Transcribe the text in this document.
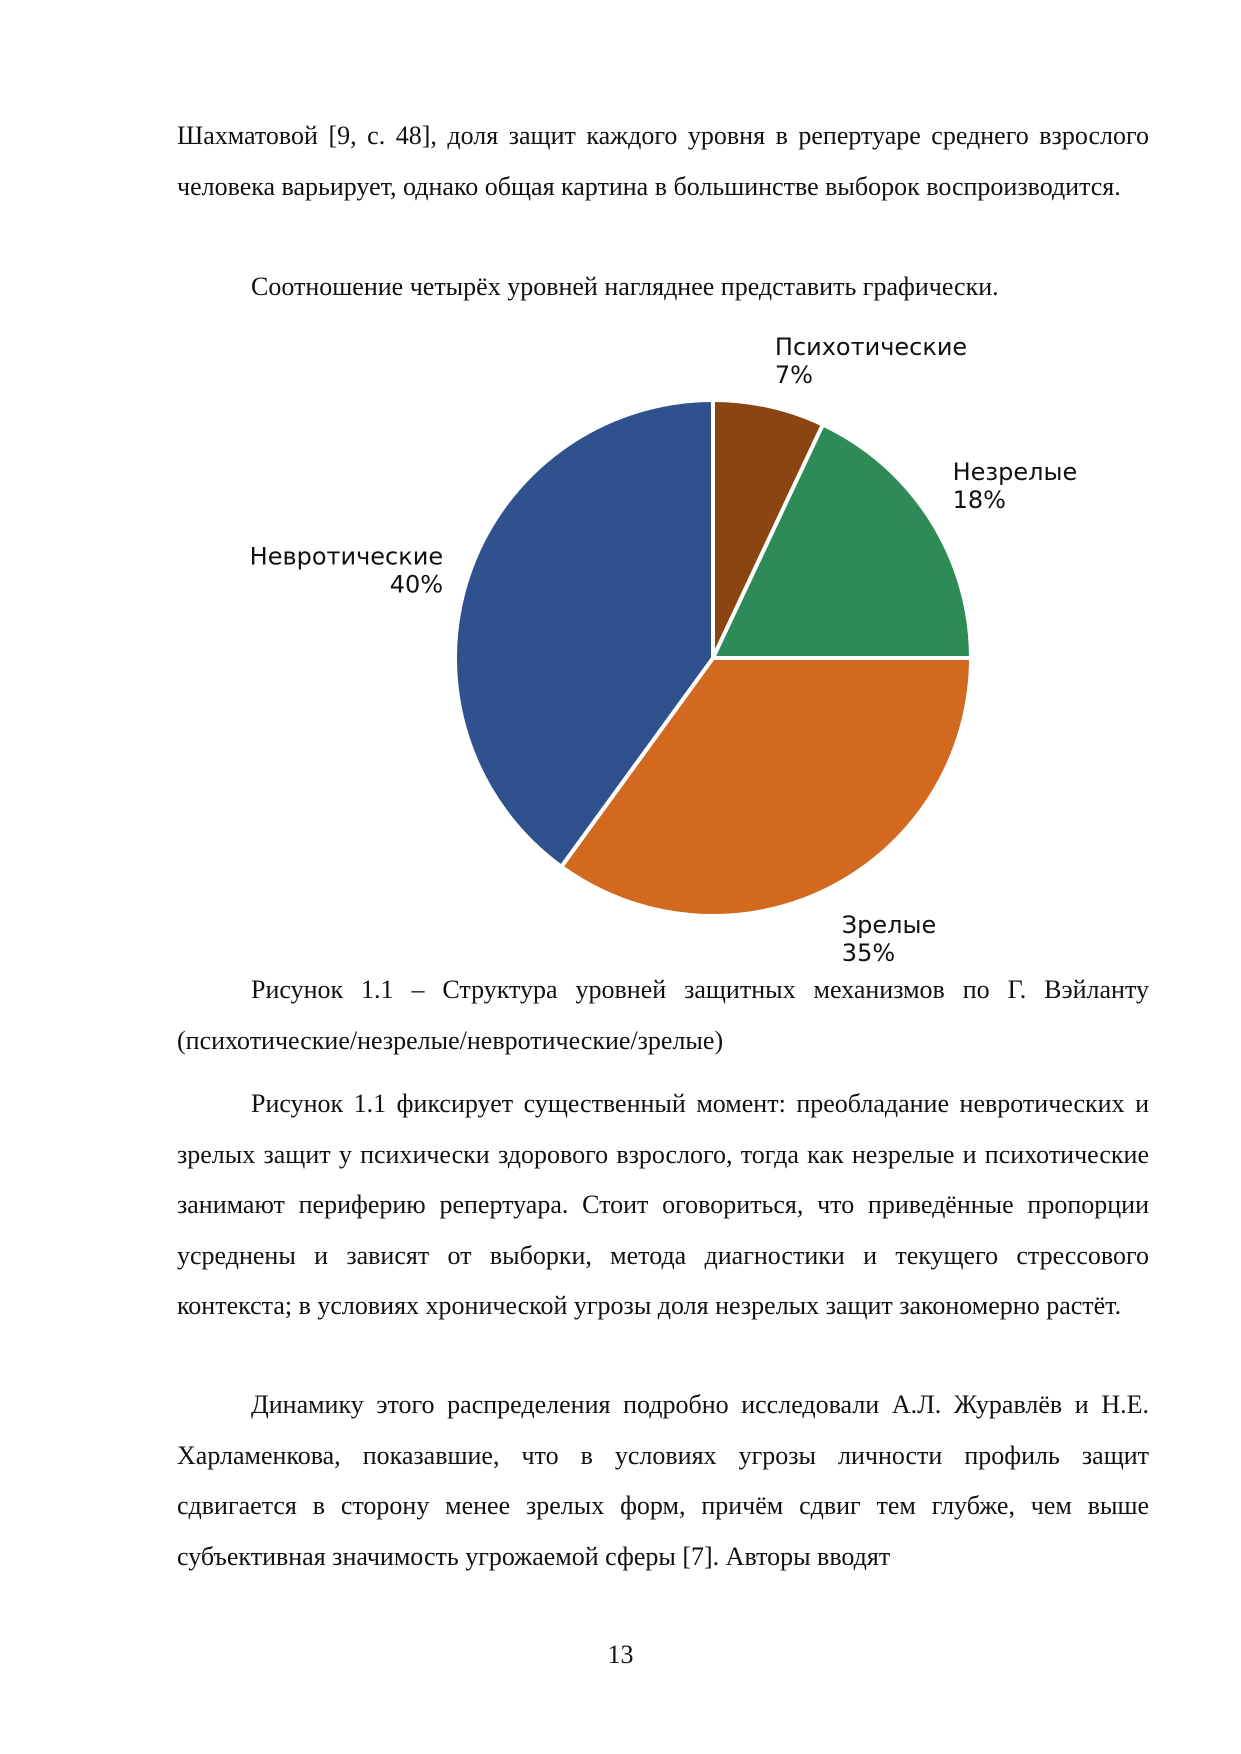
Шахматовой [9, с. 48], доля защит каждого уровня в репертуаре среднего взрослого человека варьирует, однако общая картина в большинстве выборок воспроизводится.

Соотношение четырёх уровней нагляднее представить графически.

Психотические
7%
Незрелые
18%
Зрелые
35%
Невротические
40%

Рисунок 1.1 – Структура уровней защитных механизмов по Г. Вэйланту (психотические/незрелые/невротические/зрелые)

Рисунок 1.1 фиксирует существенный момент: преобладание невротических и зрелых защит у психически здорового взрослого, тогда как незрелые и психотические занимают периферию репертуара. Стоит оговориться, что приведённые пропорции усреднены и зависят от выборки, метода диагностики и текущего стрессового контекста; в условиях хронической угрозы доля незрелых защит закономерно растёт.

Динамику этого распределения подробно исследовали А.Л. Журавлёв и Н.Е. Харламенкова, показавшие, что в условиях угрозы личности профиль защит сдвигается в сторону менее зрелых форм, причём сдвиг тем глубже, чем выше субъективная значимость угрожаемой сферы [7]. Авторы вводят

13
